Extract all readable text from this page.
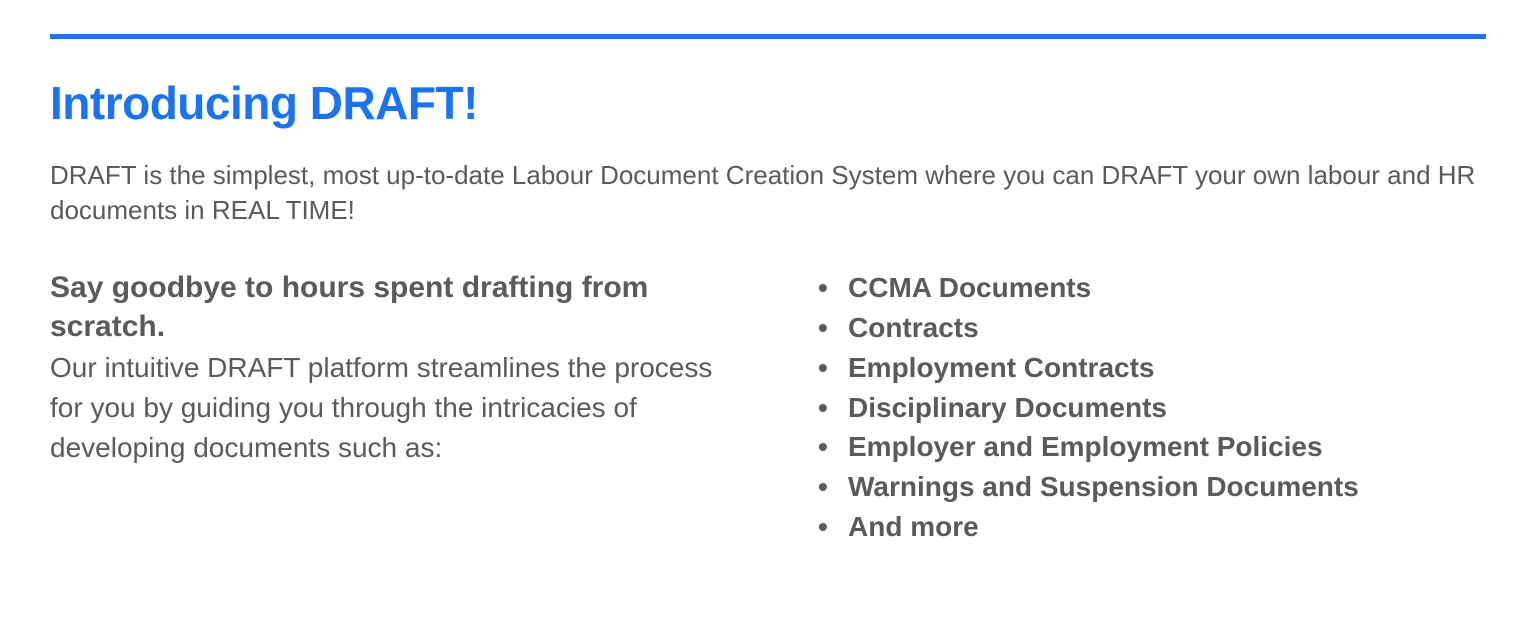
Introducing DRAFT!

DRAFT is the simplest, most up-to-date Labour Document Creation System where you can DRAFT your own labour and HR documents in REAL TIME!

Say goodbye to hours spent drafting from scratch.

Our intuitive DRAFT platform streamlines the process for you by guiding you through the intricacies of developing documents such as:

• CCMA Documents
• Contracts
• Employment Contracts
• Disciplinary Documents
• Employer and Employment Policies
• Warnings and Suspension Documents
• And more
